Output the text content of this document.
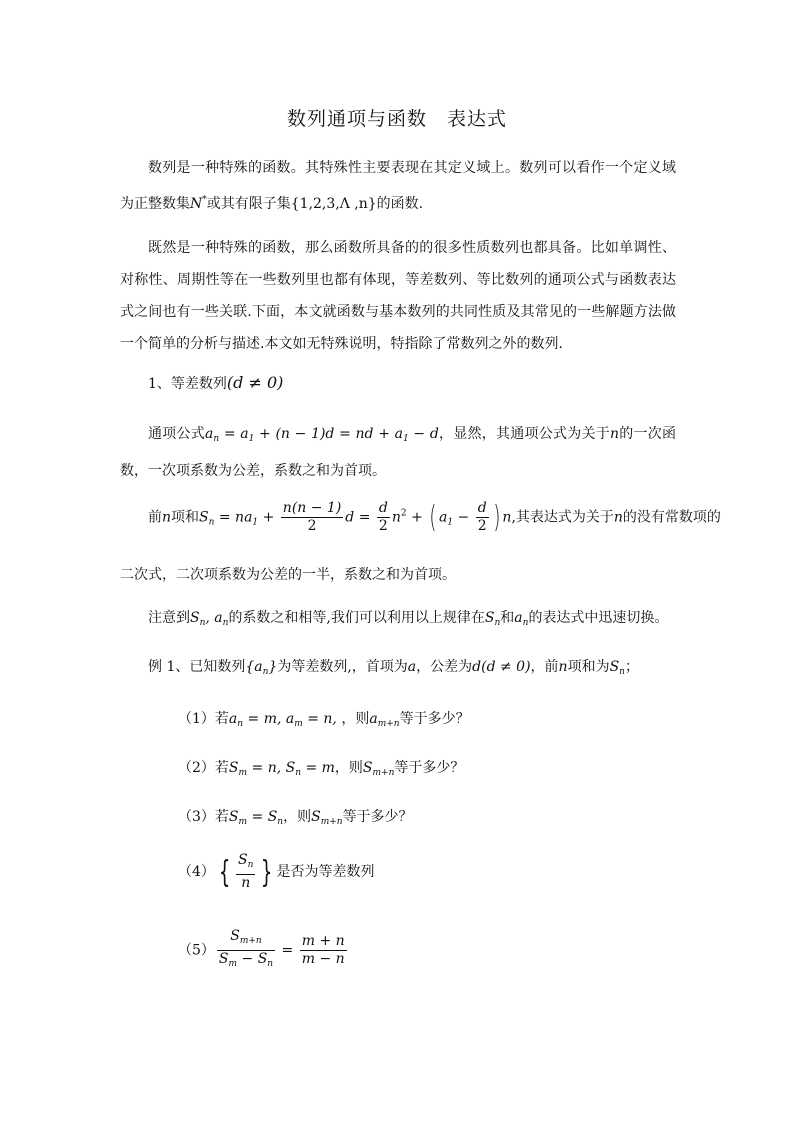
数列通项与函数　表达式
数列是一种特殊的函数。其特殊性主要表现在其定义域上。数列可以看作一个定义域为正整数集N*或其有限子集{1,2,3,Λ ,n}的函数.
既然是一种特殊的函数，那么函数所具备的的很多性质数列也都具备。比如单调性、对称性、周期性等在一些数列里也都有体现，等差数列、等比数列的通项公式与函数表达式之间也有一些关联.下面，本文就函数与基本数列的共同性质及其常见的一些解题方法做一个简单的分析与描述.本文如无特殊说明，特指除了常数列之外的数列.
1、等差数列(d ≠ 0)
通项公式$a_n = a_1 + (n - 1)d$ = nd + $a_1 - d$，显然，其通项公式为关于n的一次函数，一次项系数为公差，系数之和为首项。
前n项和$S_n = na_1 + \frac{n(n - 1)}{2}$ $d = \frac{d}{2} n^2$ + ( $a_1 - \frac{d}{2}$ ) n,其表达式为关于n的没有常数项的
二次式，二次项系数为公差的一半，系数之和为首项。
注意到$S_n$, $a_n$的系数之和相等,我们可以利用以上规律在$S_n$和$a_n$的表达式中迅速切换。
例 1、已知数列$\{a_n\}$为等差数列,，首项为a，公差为d(d ≠ 0)，前n项和为$S_n$；
（1）若$a_n = m$, $a_m = n$, ，则$a_{m+n}$等于多少？
（2）若$S_m = n$, $S_n = m$，则$S_{m+n}$等于多少？
（3）若$S_m = S_n$，则$S_{m+n}$等于多少？
（4） { $\frac{S_n}{n}$ } 是否为等差数列
$(5) \frac{S_{m+n}}{S_m - S_n} = \frac{m + n}{m - n}$
